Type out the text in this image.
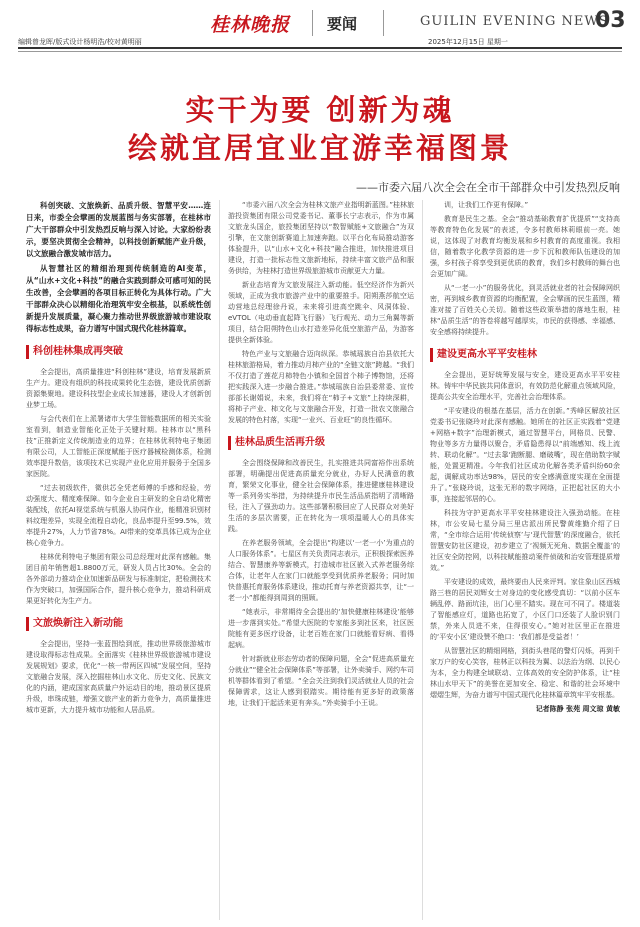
编辑曾龙晖/版式设计杨明浩/校对黄明丽
桂林晚报 要闻	GUILIN EVENING NEWS
03
2025年12月15日 星期一
实干为要 创新为魂
绘就宜居宜业宜游幸福图景
——市委六届八次全会在全市干部群众中引发热烈反响

科创突破、文旅焕新、品质升级、智慧平安……连日来，市委全会擘画的发展蓝图与务实部署，在桂林市广大干部群众中引发热烈反响与深入讨论。大家纷纷表示，要坚决贯彻全会精神，以科技创新赋能产业升级，以文旅融合激发城市活力。

从智慧社区的精细治理到传统制造的AI变革，从“山水+文化+科技”的融合实践到群众可感可知的民生改善，全会擘画的各项目标正转化为具体行动。广大干部群众决心以精细化治理筑牢安全根基，以系统性创新提升发展质量，凝心聚力推动世界级旅游城市建设取得标志性成果，奋力谱写中国式现代化桂林篇章。

科创桂林集成再突破

全会提出，高质量推进“科创桂林”建设，培育发展新质生产力。建设有组织的科技成果转化生态链，建设优质创新资源集聚地。建设科技型企业成长加速器，建设人才创新创业梦工场。

与会代表们在上派署诸市大学生智能数据所的相关实验室看到，制造业智能化正处于关键时期。桂林市以“黑科技”正推新定义传统制造业的边界；在桂林优利特电子集团有限公司，人工智能正深度赋能于医疗器械检测体系，检测效率提升数倍，该项技术已实现产业化应用并服务于全国多家医院。

“过去初级软件，微供芯全凭老师傅的手感和经验，劳动强度大、精度难保障。如今企业自主研发的全自动化精密装配线，依托AI视觉系统与机器人协同作业，能精准识别材料纹理差异，实现全流程自动化，良品率提升至99.5%，效率提升27%，人力节省78%。AI带来的变革具体已成为企业核心竞争力。

桂林优利特电子集团有限公司总经理对此深有感触。集团目前年销售超1.8800万元，研发人员占比30%。全会的各外部动力推动企业加速新品研发与标准制定，把检测技术作为突破口，加强国际合作，提升核心竞争力，推动科研成果更好转化为生产力。

文旅焕新注入新动能

全会提出，坚持一张蓝图绘到底，推动世界级旅游城市建设取得标志性成果。全面落实《桂林世界级旅游城市建设发展规划》要求，优化“一核一带两区四城”发展空间，坚持文旅融合发展，深入挖掘桂林山水文化、历史文化、民族文化的内涵，建成国家高质量户外运动目的地，推动景区提质升级，串珠成链，增强文旅产业的新力竞争力，高质量推进城市更新，大力提升城市功能和人居品质。

“市委六届八次全会为桂林文旅产业指明新蓝图。”桂林旅游投资集团有限公司党委书记、董事长宁志表示，作为市属文旅龙头国企，旅投集团坚持以“数智赋能+文旅融合”为双引擎，在文旅创新赛道上加速奔跑。以平台化布局推动游客体验提升，以“山水+文化+科技”融合推进，加快推进项目建设，打造一批标志性文旅新地标，持续丰富文旅产品和服务供给，为桂林打造世界级旅游城市贡献更大力量。

新业态培育为文旅发展注入新动能。低空经济作为新兴领域，正成为我市旅游产业中的重要推手。阳朔燕莎航空运动营地总经理徐丹说，未来将引进高空跳伞、风洞体验、eVTOL（电动垂直起降飞行器）飞行观光、动力三角翼等新项目，结合阳朔特色山水打造差异化低空旅游产品，为游客提供全新体验。

特色产业与文旅融合迈向纵深。恭城瑶族自治县依托大桂林旅游格局，着力推动月柿产业的“全链文旅”跨越。“我们不仅打造了莲花月柿特色小镇和全国首个柿子博物馆，还将把实践深入进一步融合推进。”恭城瑶族自治县委常委、宣传部部长谢娟说，未来，我们将在“柿子+文旅”上持续深耕，将柿子产业、柿文化与文旅融合开发，打造一批农文旅融合发展的特色村落，实现“一业兴、百业旺”的良性循环。

桂林品质生活再升级

全会围绕保障和改善民生，扎实推进共同富裕作出系统部署，明确提出促进高质量充分就业，办好人民满意的教育，繁荣文化事业，健全社会保障体系，推进健康桂林建设等一系列务实举措，为持续提升市民生活品质指明了清晰路径，注入了强劲动力。这些部署积极回应了人民群众对美好生活的多层次需要，正在转化为一项项温暖人心的具体实践。

在养老服务领域，全会提出“构建以‘一老一小’为重点的人口服务体系”。七星区有关负责同志表示，正积极探索医养结合、智慧康养等新模式，打造城市社区嵌入式养老服务综合体，让老年人在家门口就能享受到优质养老服务；同时加快普惠托育服务体系建设，推动托育与养老资源共享，让“一老一小”都能得到周到的照顾。

“她表示，非常期待全会提出的‘加快健康桂林建设’能够进一步落到实处。”希望大医院的专家能多到社区来，社区医院能有更多医疗设备，让老百姓在家门口就能看好病、看得起病。

针对新就业形态劳动者的保障问题，全会“促进高质量充分就业”“健全社会保障体系”等部署，让外卖骑手、网约车司机等群体看到了希望。“全会关注到我们灵活就业人员的社会保障需求，这让人感到很踏实。期待能有更多好的政策落地，让我们干起活来更有奔头。”外卖骑手小王说。

训，让我们工作更有保障。”

教育是民生之基。全会“推动基础教育扩优提质”“支持高等教育特色化发展”的表述，令多村教师林莉眼前一亮。她说，这体现了对教育均衡发展和乡村教育的高度重视。我相信，随着数字化教学资源的进一步下沉和教师队伍建设的加强，乡村孩子将享受到更优质的教育，我们乡村教师的舞台也会更加广阔。

从“一老一小”的服务优化，到灵活就业者的社会保障网织密，再到城乡教育资源的均衡配置，全会擘画的民生蓝图，精准对接了百姓关心关切。随着这些政策举措的落地生根，桂林“品质生活”的答卷将越写越厚实，市民的获得感、幸福感、安全感将持续提升。

建设更高水平平安桂林

全会提出，更好统筹发展与安全，建设更高水平平安桂林。铸牢中华民族共同体意识，有效防范化解重点领域风险，提高公共安全治理水平，完善社会治理体系。

“平安建设的根基在基层，活力在创新。”秀峰区解放社区党委书记张晓玲对此深有感触。她所在的社区正实践着“党建+网格+数字”治理新模式，通过智慧平台，网格员、民警、物业等多方力量得以聚合，矛盾隐患得以“前端感知、线上流转、联动化解”。“过去靠‘跑断腿、磨破嘴’，现在借助数字赋能，处置更精准。今年我们社区成功化解各类矛盾纠纷60余起，调解成功率达98%，居民的安全感满意度实现在全面提升了。”张晓玲说，这张无形的数字网络，正把起社区的大小事，连接起邻居的心。

科技为守护更高水平平安桂林建设注入强劲动能。在桂林，市公安局七星分局三里店派出所民警黄维勤介绍了日常，“全市综合运用‘传统侦察’与‘现代智慧’的深度融合，依托智慧安防社区建设，初步建立了‘视频无死角、数据全覆盖’的社区安全防控网，以科技赋能推动案件侦破和治安管理提质增效。”

平安建设的成效，最终要由人民来评判。家住象山区西城路三巷的居民刘辉女士对身边的变化感受真切：“以前小区车辆乱停、路面坑洼，出门心里不踏实。现在可不同了。楼道装了智能感应灯，道路也拓宽了，小区门口还装了人脸识别门禁，外来人员进不来，住得很安心。”她对社区里正在推进的‘平安小区’建设赞不绝口：‘我们都是受益者！’

从智慧社区的精细网格，到街头巷尾的警灯闪烁，再到千家万户的安心笑容，桂林正以科技为翼、以法治为纲、以民心为本，全力构建全域联动、立体高效的安全防护体系，让“桂林山水甲天下”的美誉在更加安全、稳定、和谐的社会环境中熠熠生辉，为奋力谱写中国式现代化桂林篇章筑牢平安根基。

记者陈静 张苑 周文琼 黄敏
